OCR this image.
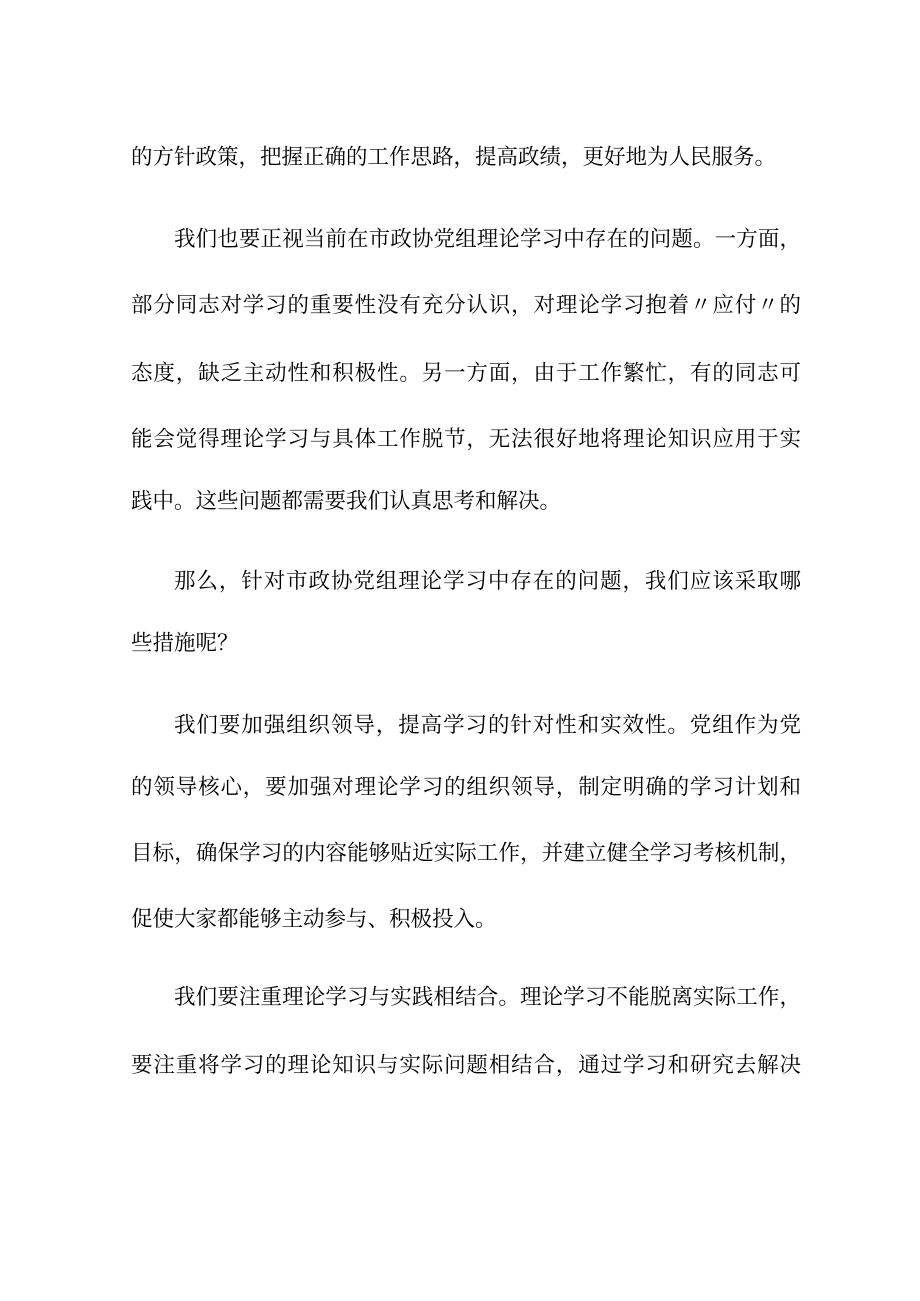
的方针政策，把握正确的工作思路，提高政绩，更好地为人民服务。
我们也要正视当前在市政协党组理论学习中存在的问题。一方面，
部分同志对学习的重要性没有充分认识，对理论学习抱着〃应付〃的
态度，缺乏主动性和积极性。另一方面，由于工作繁忙，有的同志可
能会觉得理论学习与具体工作脱节，无法很好地将理论知识应用于实
践中。这些问题都需要我们认真思考和解决。
那么，针对市政协党组理论学习中存在的问题，我们应该采取哪
些措施呢？
我们要加强组织领导，提高学习的针对性和实效性。党组作为党
的领导核心，要加强对理论学习的组织领导，制定明确的学习计划和
目标，确保学习的内容能够贴近实际工作，并建立健全学习考核机制，
促使大家都能够主动参与、积极投入。
我们要注重理论学习与实践相结合。理论学习不能脱离实际工作，
要注重将学习的理论知识与实际问题相结合，通过学习和研究去解决
